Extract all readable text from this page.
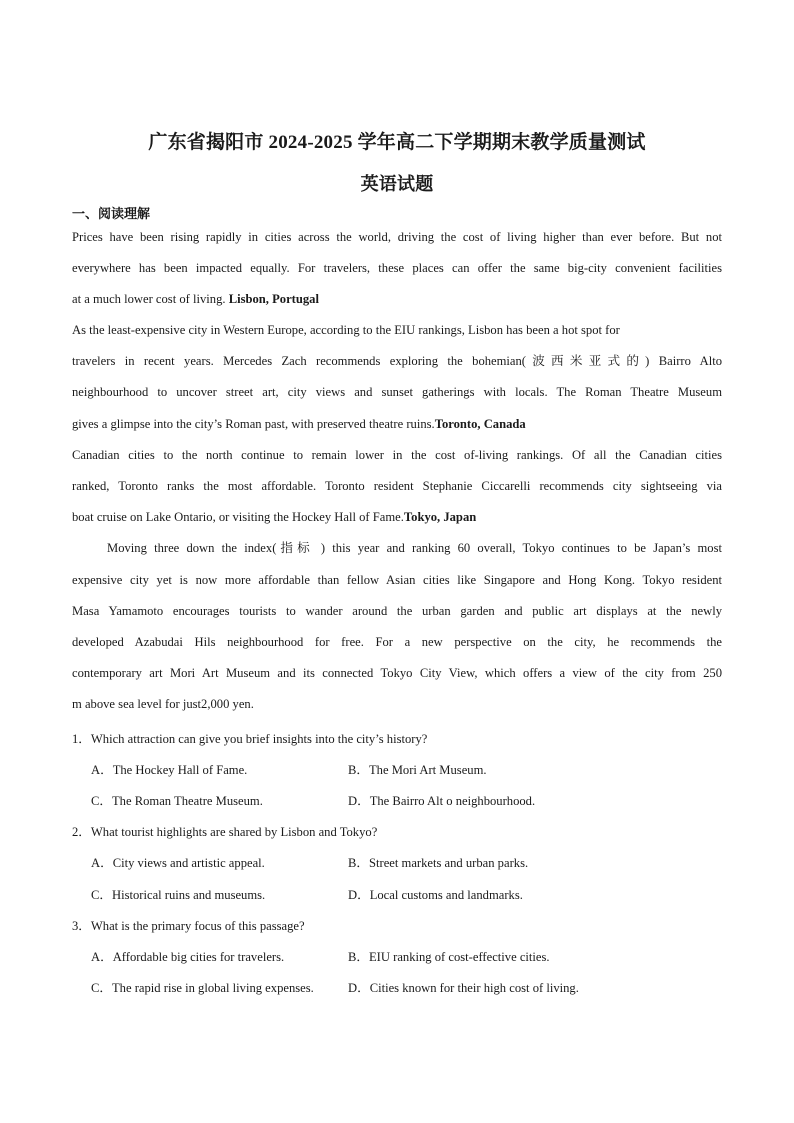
广东省揭阳市 2024-2025 学年高二下学期期末教学质量测试
英语试题
一、阅读理解
Prices have been rising rapidly in cities across the world, driving the cost of living higher than ever before. But not
everywhere has been impacted equally. For travelers, these places can offer the same big-city convenient facilities
at a much lower cost of living. Lisbon, Portugal
As the least-expensive city in Western Europe, according to the EIU rankings, Lisbon has been a hot spot for
travelers in recent years. Mercedes Zach recommends exploring the bohemian(波西米亚式的) Bairro Alto
neighbourhood to uncover street art, city views and sunset gatherings with locals. The Roman Theatre Museum
gives a glimpse into the city’s Roman past, with preserved theatre ruins.Toronto, Canada
Canadian cities to the north continue to remain lower in the cost of-living rankings. Of all the Canadian cities
ranked, Toronto ranks the most affordable. Toronto resident Stephanie Ciccarelli recommends city sightseeing via
boat cruise on Lake Ontario, or visiting the Hockey Hall of Fame.Tokyo, Japan
Moving three down the index(指标 ) this year and ranking 60 overall, Tokyo continues to be Japan’s most
expensive city yet is now more affordable than fellow Asian cities like Singapore and Hong Kong. Tokyo resident
Masa Yamamoto encourages tourists to wander around the urban garden and public art displays at the newly
developed Azabudai Hils neighbourhood for free. For a new perspective on the city, he recommends the
contemporary art Mori Art Museum and its connected Tokyo City View, which offers a view of the city from 250
m above sea level for just2,000 yen.
1．Which attraction can give you brief insights into the city’s history?
A．The Hockey Hall of Fame.	B．The Mori Art Museum.
C．The Roman Theatre Museum.	D．The Bairro Alt o neighbourhood.
2．What tourist highlights are shared by Lisbon and Tokyo?
A．City views and artistic appeal.	B．Street markets and urban parks.
C．Historical ruins and museums.	D．Local customs and landmarks.
3．What is the primary focus of this passage?
A．Affordable big cities for travelers.	B．EIU ranking of cost-effective cities.
C．The rapid rise in global living expenses.	D．Cities known for their high cost of living.
